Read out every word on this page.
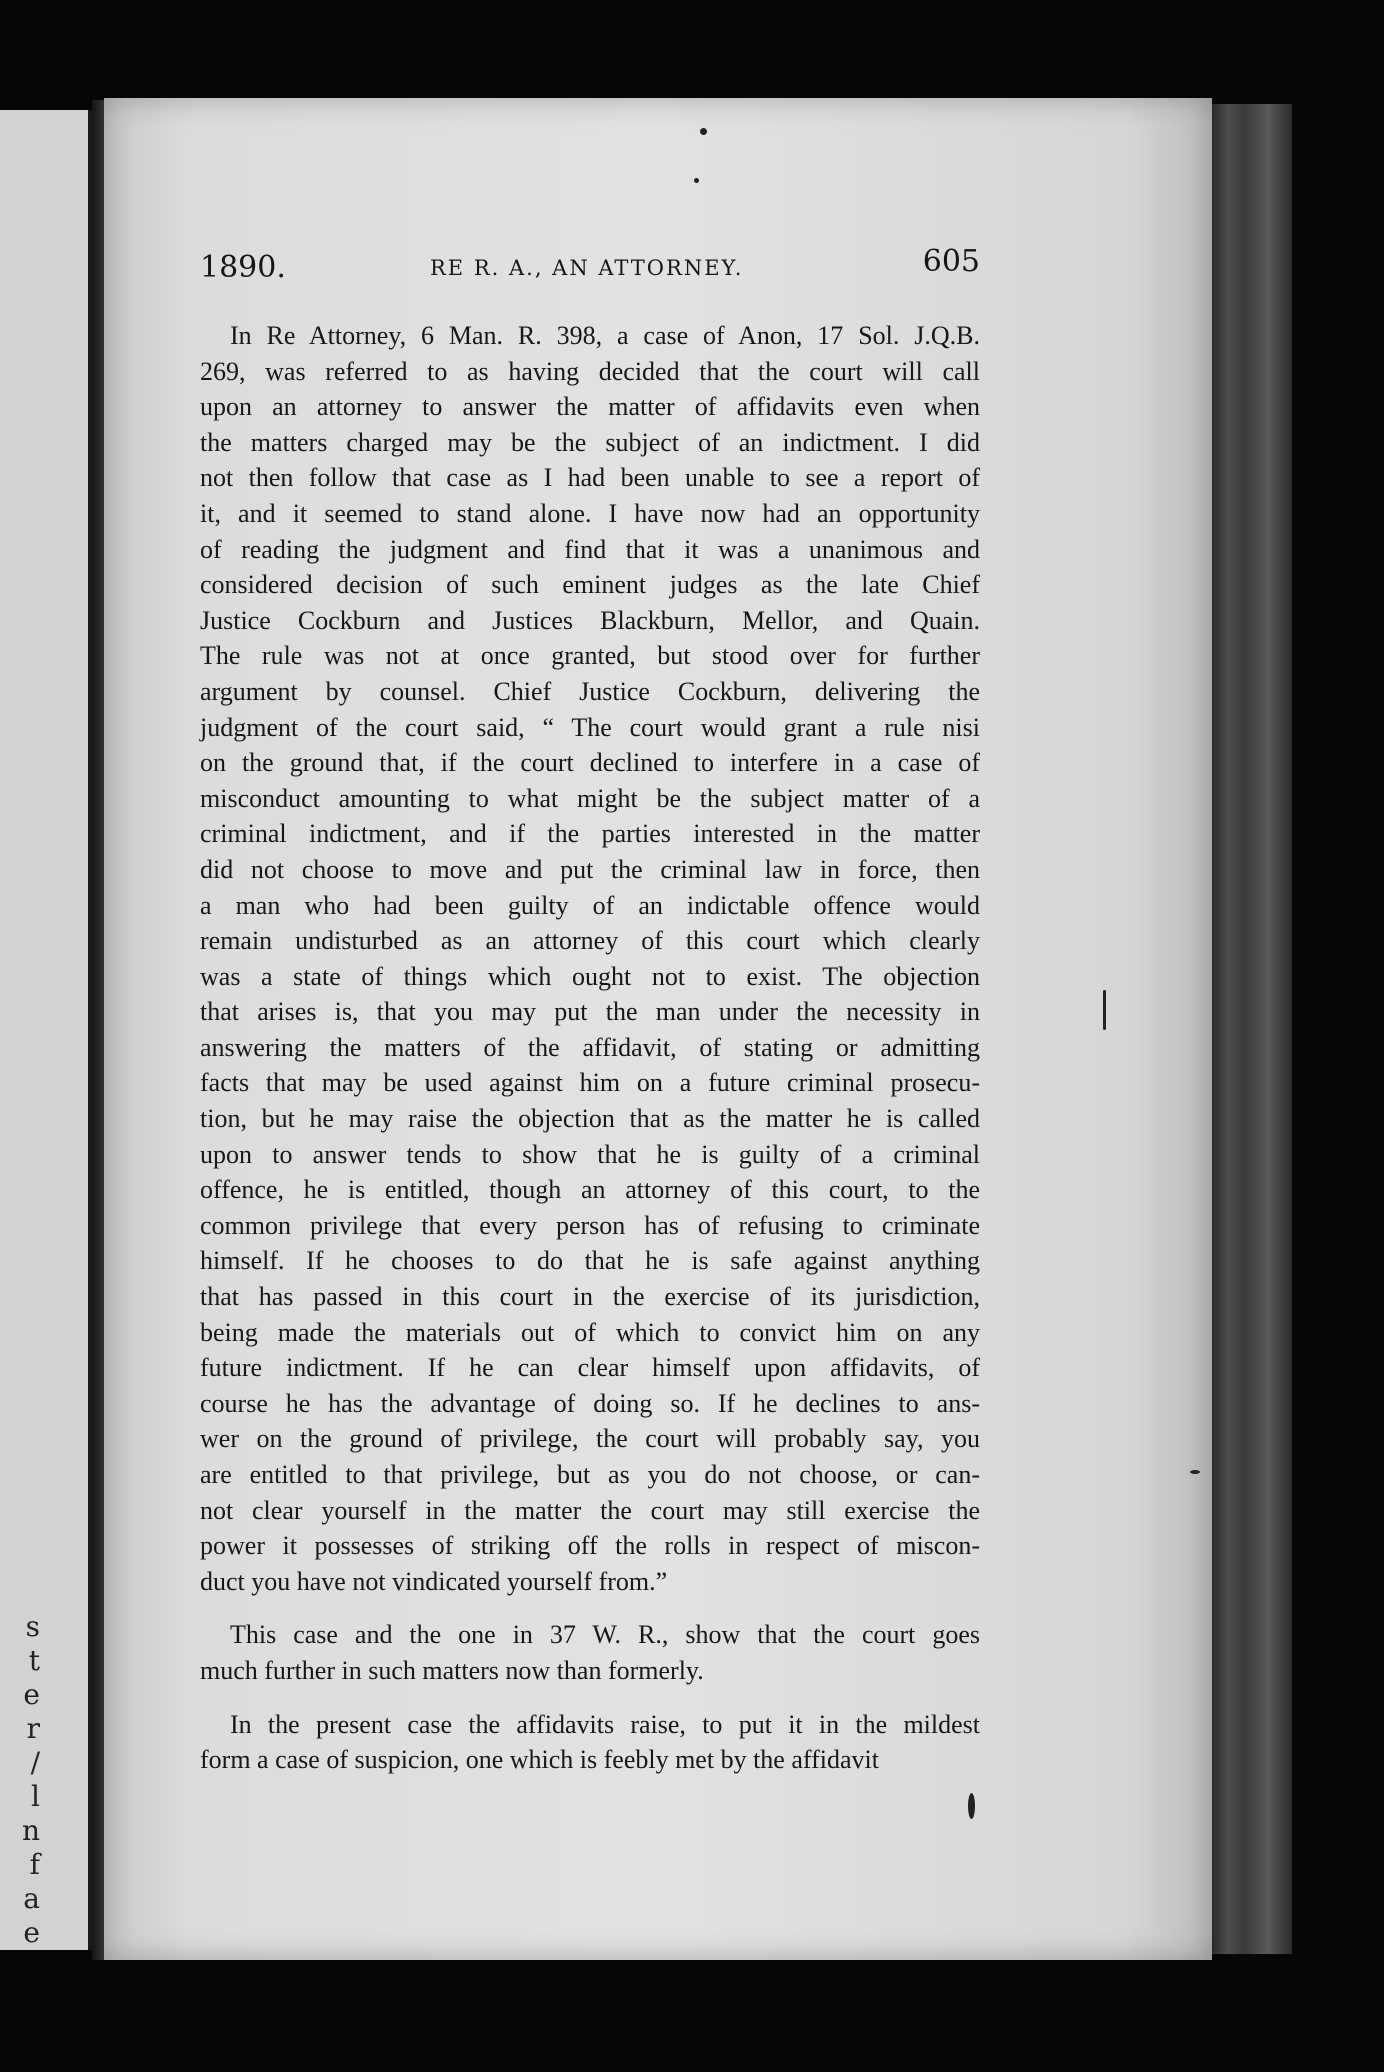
s
t
e
r
/
l
n
f
a
e
1890.	RE R. A., AN ATTORNEY.	605

In Re Attorney, 6 Man. R. 398, a case of Anon, 17 Sol. J.Q.B.
269, was referred to as having decided that the court will call
upon an attorney to answer the matter of affidavits even when
the matters charged may be the subject of an indictment. I did
not then follow that case as I had been unable to see a report of
it, and it seemed to stand alone. I have now had an opportunity
of reading the judgment and find that it was a unanimous and
considered decision of such eminent judges as the late Chief
Justice Cockburn and Justices Blackburn, Mellor, and Quain.
The rule was not at once granted, but stood over for further
argument by counsel. Chief Justice Cockburn, delivering the
judgment of the court said, “ The court would grant a rule nisi
on the ground that, if the court declined to interfere in a case of
misconduct amounting to what might be the subject matter of a
criminal indictment, and if the parties interested in the matter
did not choose to move and put the criminal law in force, then
a man who had been guilty of an indictable offence would
remain undisturbed as an attorney of this court which clearly
was a state of things which ought not to exist. The objection
that arises is, that you may put the man under the necessity in
answering the matters of the affidavit, of stating or admitting
facts that may be used against him on a future criminal prosecu-
tion, but he may raise the objection that as the matter he is called
upon to answer tends to show that he is guilty of a criminal
offence, he is entitled, though an attorney of this court, to the
common privilege that every person has of refusing to criminate
himself. If he chooses to do that he is safe against anything
that has passed in this court in the exercise of its jurisdiction,
being made the materials out of which to convict him on any
future indictment. If he can clear himself upon affidavits, of
course he has the advantage of doing so. If he declines to ans-
wer on the ground of privilege, the court will probably say, you
are entitled to that privilege, but as you do not choose, or can-
not clear yourself in the matter the court may still exercise the
power it possesses of striking off the rolls in respect of miscon-
duct you have not vindicated yourself from.”

This case and the one in 37 W. R., show that the court goes
much further in such matters now than formerly.

In the present case the affidavits raise, to put it in the mildest
form a case of suspicion, one which is feebly met by the affidavit
